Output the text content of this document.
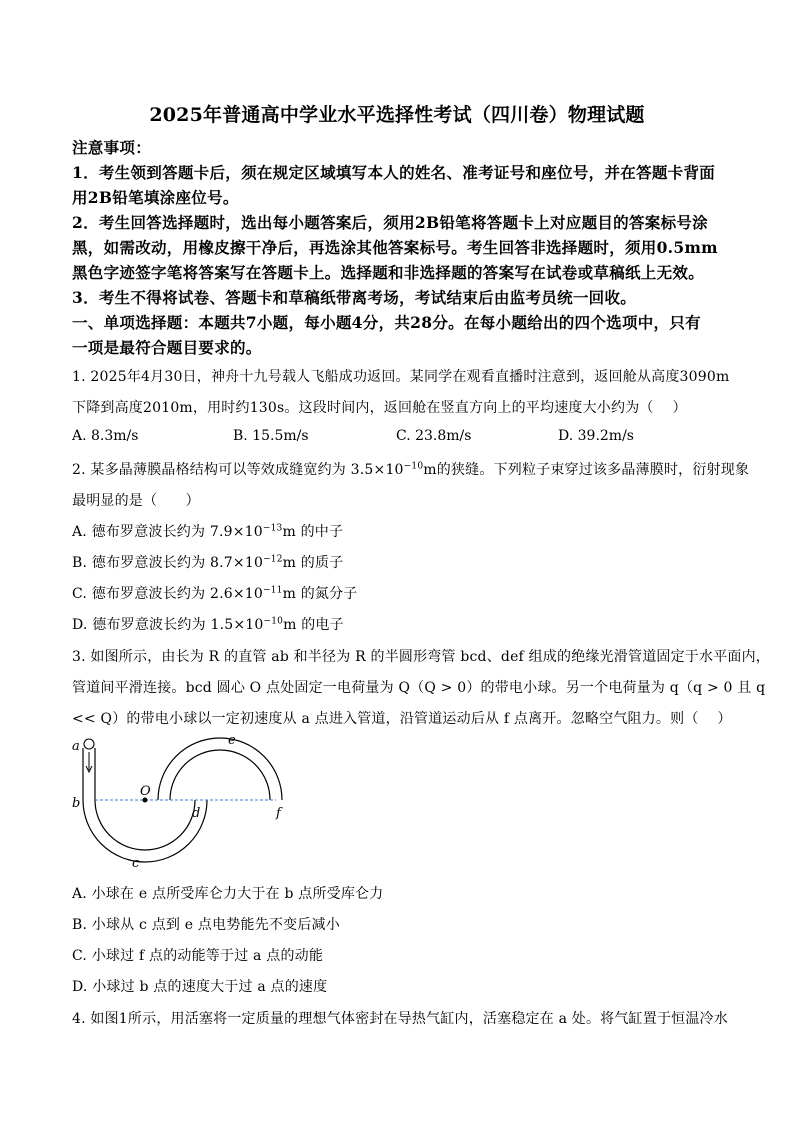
2025年普通高中学业水平选择性考试（四川卷）物理试题
注意事项：
1．考生领到答题卡后，须在规定区域填写本人的姓名、准考证号和座位号，并在答题卡背面
用2B铅笔填涂座位号。
2．考生回答选择题时，选出每小题答案后，须用2B铅笔将答题卡上对应题目的答案标号涂
黑，如需改动，用橡皮擦干净后，再选涂其他答案标号。考生回答非选择题时，须用0.5mm
黑色字迹签字笔将答案写在答题卡上。选择题和非选择题的答案写在试卷或草稿纸上无效。
3．考生不得将试卷、答题卡和草稿纸带离考场，考试结束后由监考员统一回收。
一、单项选择题：本题共7小题，每小题4分，共28分。在每小题给出的四个选项中，只有
一项是最符合题目要求的。
1. 2025年4月30日，神舟十九号载人飞船成功返回。某同学在观看直播时注意到，返回舱从高度3090m
下降到高度2010m，用时约130s。这段时间内，返回舱在竖直方向上的平均速度大小约为（　 ）
A. 8.3m/s	B. 15.5m/s	C. 23.8m/s	D. 39.2m/s
2. 某多晶薄膜晶格结构可以等效成缝宽约为 $3.5\times 10^{-10}m$的狭缝。下列粒子束穿过该多晶薄膜时，衍射现象
最明显的是（　　）
A. 德布罗意波长约为 $7.9\times 10^{-13}m$ 的中子
B. 德布罗意波长约为 $8.7\times 10^{-12}m$ 的质子
C. 德布罗意波长约为 $2.6\times 10^{-11}m$ 的氮分子
D. 德布罗意波长约为 $1.5\times 10^{-10}m$ 的电子
3. 如图所示，由长为 R 的直管 ab 和半径为 R 的半圆形弯管 bcd、def 组成的绝缘光滑管道固定于水平面内，
管道间平滑连接。bcd 圆心 O 点处固定一电荷量为 Q（Q > 0）的带电小球。另一个电荷量为 q（q > 0 且 q
<< Q）的带电小球以一定初速度从 a 点进入管道，沿管道运动后从 f 点离开。忽略空气阻力。则（　 ）
a
b
O
c
d
e
f
A. 小球在 e 点所受库仑力大于在 b 点所受库仑力
B. 小球从 c 点到 e 点电势能先不变后减小
C. 小球过 f 点的动能等于过 a 点的动能
D. 小球过 b 点的速度大于过 a 点的速度
4. 如图1所示，用活塞将一定质量的理想气体密封在导热气缸内，活塞稳定在 a 处。将气缸置于恒温冷水
